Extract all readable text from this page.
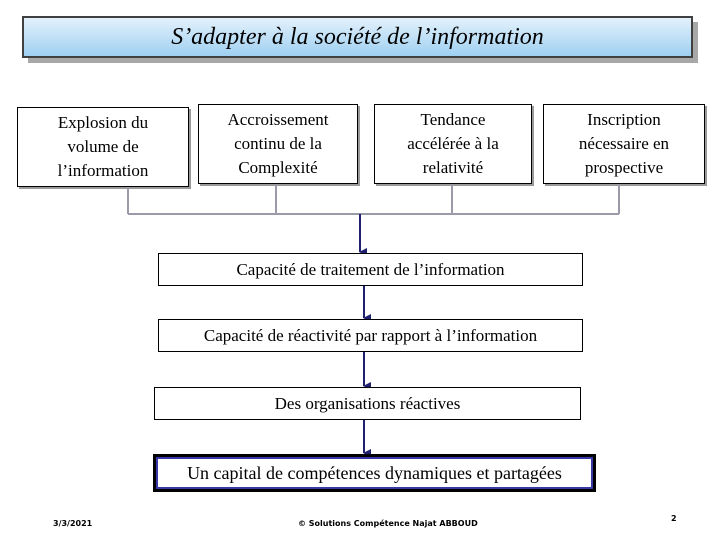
S’adapter à la société de l’information
Explosion du
volume de
l’information
Accroissement
continu de la
Complexité
Tendance
accélérée à la
relativité
Inscription
nécessaire en
prospective
Capacité de traitement de l’information
Capacité de réactivité par rapport à l’information
Des organisations réactives
Un capital de compétences dynamiques et partagées
3/3/2021	© Solutions Compétence Najat ABBOUD
2
